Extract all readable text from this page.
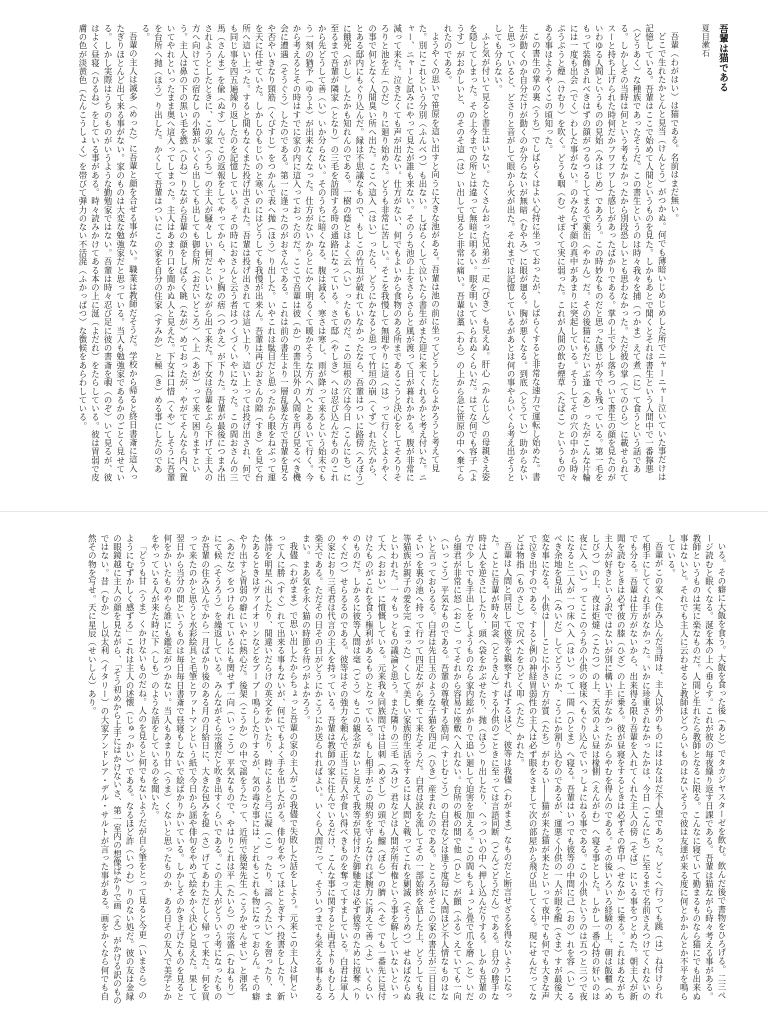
吾輩は猫である
夏目漱石

吾輩（わがはい）は猫である。名前はまだ無い。

どこで生れたかとんと見当（けんとう）がつかぬ。何でも薄暗いじめじめした所でニャーニャー泣いていた事だけは記憶している。吾輩はここで始めて人間というものを見た。しかもあとで聞くとそれは書生という人間中で一番獰悪（どうあく）な種族であったそうだ。この書生というのは時々我々を捕（つかま）えて煮（に）て食うという話である。しかしその当時は何という考もなかったから別段恐しいとも思わなかった。ただ彼の掌（てのひら）に載せられてスーと持ち上げられた時何だかフワフワした感じがあったばかりである。掌の上で少し落ちついて書生の顔を見たのがいわゆる人間というものの見始（みはじめ）であろう。この時妙なものだと思った感じが今でも残っている。第一毛をもって装飾されべきはずの顔がつるつるしてまるで薬缶（やかん）だ。その後猫にもだいぶ逢（あ）ったがこんな片輪には一度も出会（でく）わした事がない。のみならず顔の真中があまりに突起している。そうしてその穴の中から時々ぷうぷうと煙（けむり）を吹く。どうも咽（む）せぽくて実に弱った。これが人間の飲む煙草（たばこ）というものである事はようやくこの頃知った。

この書生の掌の裏（うち）でしばらくはよい心持に坐っておったが、しばらくすると非常な速力で運転し始めた。書生が動くのか自分だけが動くのか分らないが無暗（むやみ）に眼が廻る。胸が悪くなる。到底（とうてい）助からないと思っていると、どさりと音がして眼から火が出た。それまでは記憶しているがあとは何の事やらいくら考え出そうとしても分らない。

ふと気が付いて見ると書生はいない。たくさんおった兄弟が一疋（ぴき）も見えぬ。肝心（かんじん）の母親さえ姿を隠してしまった。その上今までの所とは違って無暗に明るい。眼を明いていられぬくらいだ。はてな何でも容子（ようす）がおかしいと、のそのそ這（は）い出して見ると非常に痛い。吾輩は藁（わら）の上から急に笹原の中へ棄てられたのである。

ようやくの思いで笹原を這い出すと向うに大きな池がある。吾輩は池の前に坐ってどうしたらよかろうと考えて見た。別にこれという分別（ふんべつ）も出ない。しばらくして泣いたら書生がまた迎に来てくれるかと考え付いた。ニャー、ニャーと試みにやって見たが誰も来ない。そのうち池の上をさらさらと風が渡って日が暮れかかる。腹が非常に減って来た。泣きたくても声が出ない。仕方がない、何でもよいから食物のある所まであるこうと決心をしてそろりそろりと池を左（ひだ）りに廻り始めた。どうも非常に苦しい。そこを我慢して無理やりに這（は）って行くとようやくの事で何となく人間臭い所へ出た。ここへ這入（はい）ったら、どうにかなると思って竹垣の崩（くず）れた穴から、とある邸内にもぐり込んだ。縁は不思議なもので、もしこの竹垣が破れていなかったなら、吾輩はついに路傍（ろぼう）に餓死（がし）したかも知れんのである。一樹の蔭とはよく云（い）ったものだ。この垣根の穴は今日（こんにち）に至るまで吾輩が隣家（となり）の三毛を訪問する時の通路になっている。さて邸（やしき）へは忍び込んだもののこれから先どうして善（い）いか分らない。そのうちに暗くなる、腹は減る、寒さは寒し、雨が降って来るという始末でもう一刻の猶予（ゆうよ）が出来なくなった。仕方がないからとにかく明るくて暖かそうな方へ方へとあるいて行く。今から考えるとその時はすでに家の内に這入っておったのだ。ここで吾輩は彼（か）の書生以外の人間を再び見るべき機会に遭遇（そうぐう）したのである。第一に逢ったのがおさんである。これは前の書生より一層乱暴な方で吾輩を見るや否やいきなり頸筋（くびすじ）をつかんで表へ抛（ほう）り出した。いやこれは駄目だと思ったから眼をねぶって運を天に任せていた。しかしひもじいのと寒いのにはどうしても我慢が出来ん。吾輩は再びおさんの隙（すき）を見て台所へ這い上った。すると間もなくまた投げ出された。吾輩は投げ出されては這い上り、這い上っては投げ出され、何でも同じ事を四五遍繰り返したのを記憶している。その時におさんと云う者はつくづくいやになった。この間おさんの三馬（さんま）を偸（ぬす）んでこの返報をしてやってから、やっと胸の痞（つかえ）が下りた。吾輩が最後につまみ出されようとしたときに、この家（うち）の主人が騒々しい何だといいながら出て来た。下女は吾輩をぶら下げて主人の方へ向けてこの宿なしの小猫がいくら出しても出しても御台所（おだいどころ）へ上（あが）って来て困りますという。主人は鼻の下の黒い毛を撚（ひね）りながら吾輩の顔をしばらく眺（なが）めておったが、やがてそんなら内へ置いてやれといったまま奥へ這入ってしまった。主人はあまり口を聞かぬ人と見えた。下女は口惜（くや）しそうに吾輩を台所へ抛（ほう）り出した。かくして吾輩はついにこの家を自分の住家（すみか）と極（き）める事にしたのである。

吾輩の主人は滅多（めった）に吾輩と顔を合せる事がない。職業は教師だそうだ。学校から帰ると終日書斎に這入ったぎりほとんど出て来る事がない。家のものは大変な勉強家だと思っている。当人も勉強家であるかのごとく見せている。しかし実際はうちのものがいうような勤勉家ではない。吾輩は時々忍び足に彼の書斎を覗（のぞ）いて見るが、彼はよく昼寝（ひるね）をしている事がある。時々読みかけてある本の上に涎（よだれ）をたらしている。彼は胃弱で皮膚の色が淡黄色（たんこうしょく）を帯びて弾力のない不活溌（ふかっぱつ）な徴候をあらわしている。

いる。その癖に大飯を食う。大飯を食った後（あと）でタカジヤスターゼを飲む。飲んだ後で書物をひろげる。二三ページ読むと眠くなる。涎を本の上へ垂らす。これが彼の毎夜繰り返す日課である。吾輩は猫ながら時々考える事がある。教師というものは実に楽なものだ。人間と生れたら教師となるに限る。こんなに寝ていて勤まるものなら猫にでも出来ぬ事はないと。それでも主人に云わせると教師ほどつらいものはないそうで彼は友達が来る度に何とかかんとか不平を鳴らしている。

吾輩がこの家へ住み込んだ当時は、主人以外のものにははなはだ不人望であった。どこへ行っても跳（は）ね付けられて相手にしてくれ手がなかった。いかに珍重されなかったかは、今日（こんにち）に至るまで名前さえつけてくれないのでも分る。吾輩は仕方がないから、出来得る限り吾輩を入れてくれた主人の傍（そば）にいる事をつとめた。朝主人が新聞を読むときは必ず彼の膝（ひざ）の上に乗る。彼が昼寝をするときは必ずその背中（せなか）に乗る。これはあながち主人が好きという訳ではないが別に構い手がなかったからやむを得んのである。その後いろいろ経験の上、朝は飯櫃（めしびつ）の上、夜は炬燵（こたつ）の上、天気のよい昼は椽側（えんがわ）へ寝る事とした。しかし一番心持の好いのは夜に入（い）ってここのうちの小供の寝床へもぐり込んでいっしょにねる事である。この小供というのは五つと三つで夜になると二人が一つ床へ入（はい）って一間（ひとま）へ寝る。吾輩はいつでも彼等の中間に己（おの）れを容（い）るべき余地を見出（みいだ）してどうにか、こうにか割り込むのであるが、運悪く小供の一人が眼を醒（さま）すが最後大変な事になる。小供は――ことに小さい方が質（たち）がわるい――猫が来た猫が来たといって夜中でも何でも大きな声で泣き出すのである。すると例の神経胃弱性の主人は必ず眼をさまして次の部屋から飛び出してくる。現にせんだってなどは物指（ものさし）で尻ぺたをひどく叩（たた）かれた。

吾輩は人間と同居して彼等を観察すればするほど、彼等は我儘（わがまま）なものだと断言せざるを得ないようになった。ことに吾輩が時々同衾（どうきん）する小供のごときに至っては言語同断（ごんごどうだん）である。自分の勝手な時は人を逆さにしたり、頭へ袋をかぶせたり、抛（ほう）り出したり、へっついの中へ押し込んだりする。しかも吾輩の方で少しでも手出しをしようものなら家内総がかりで追い廻して迫害を加える。この間もちょっと畳で爪を磨（と）いだら細君が非常に怒（おこ）ってそれから容易に座敷へ入れない。台所の板の間で他（ひと）が顫（ふる）えていても一向（いっこう）平気なものである。吾輩の尊敬する筋向（すじむこう）の白君などは逢う度毎に人間ほど不人情なものはないと言っておらるる。白君は先日玉のような子猫を四疋（ひき）産まれたのである。ところがそこの家の書生が三日目にそいつを裏の池へ持って行って四疋ながら棄てて来たそうだ。白君は涙を流してその一部始終を話した上、どうしても我等猫族が親子の愛を完（まった）くして美しい家族的生活をするには人間と戦ってこれを剿滅（そうめつ）せねばならぬといわれた。一々もっともの議論と思う。また隣りの三毛（みけ）君などは人間が所有権という事を解していないといって大（おおい）に憤慨している。元来我々同族間では目刺（めざし）の頭でも鰡（ぼら）の臍（へそ）でも一番先に見付けたものがこれを食う権利があるものとなっている。もし相手がこの規約を守らなければ腕力に訴えて善（よ）いくらいのものだ。しかるに彼等人間は毫（ごう）もこの観念がないと見えて我等が見付けた御馳走は必ず彼等のために掠奪（りゃくだつ）せらるるのである。彼等はその強力を頼んで正当に吾人が食い得べきものを奪ってすましている。白君は軍人の家におり三毛君は代言の主人を持っている。吾輩は教師の家に住んでいるだけ、こんな事に関すると両君よりもむしろ楽天である。ただその日その日がどうにかこうにか送られればよい。いくら人間だって、そういつまでも栄える事もあるまい。まあ気を永く猫の時節を待つがよかろう。

我儘（わがまま）で思い出したからちょっと吾輩の家の主人がこの我儘で失敗した話をしよう。元来この主人は何といって人に勝（すぐ）れて出来る事もないが、何にでもよく手を出したがる。俳句をやってほととぎすへ投書をしたり、新体詩を明星へ出したり、間違いだらけの英文をかいたり、時によると弓に凝（こ）ったり、謡（うたい）を習ったり、またあるときはヴァイオリンなどをブーブー鳴らしたりするが、気の毒な事には、どれもこれも物になっておらん。その癖やり出すと胃弱の癖にいやに熱心だ。後架（こうか）の中で謡をうたって、近所で後架先生（こうかせんせい）と渾名（あだな）をつけられているにも関せず一向（いっこう）平気なもので、やはりこれは平（たいら）の宗盛（むねもり）にて候（そうろう）を繰返している。みんながそら宗盛だと吹き出すくらいである。この主人がどういう考になったものか吾輩の住み込んでから一月ばかり後のある月の月給日に、大きな包みを提（さ）げてあわただしく帰って来た。何を買って来たのかと思うと水彩絵具と毛筆とワットマンという紙で今日から謡や俳句をやめて絵をかく決心と見えた。果して翌日から当分の間というものは毎日毎日書斎で昼寝もしないで絵ばかりかいている。しかしそのかき上げたものを見ると何をかいたものやら誰にも鑑定がつかない。当人もあまり甘（うま）くないと思ったものか、ある日その友人で美学とかをやっている人が来た時に下（しも）のような話をしているのを聞いた。

「どうも甘（うま）くかけないものだね。人のを見ると何でもないようだが自ら筆をとって見ると今更（いまさら）のようにむずかしく感ずる」これは主人の述懐（じゅっかい）である。なるほど詐（いつわ）りのない処だ。彼の友は金縁の眼鏡越に主人の顔を見ながら、「そう初めから上手にはかけないさ、第一室内の想像ばかりで画（え）がかける訳のものではない。昔（むか）し以太利（イタリー）の大家アンドレア・デル・サルトが言った事がある。画をかくなら何でも自然その物を写せ。天に星辰（せいしん）あり。
